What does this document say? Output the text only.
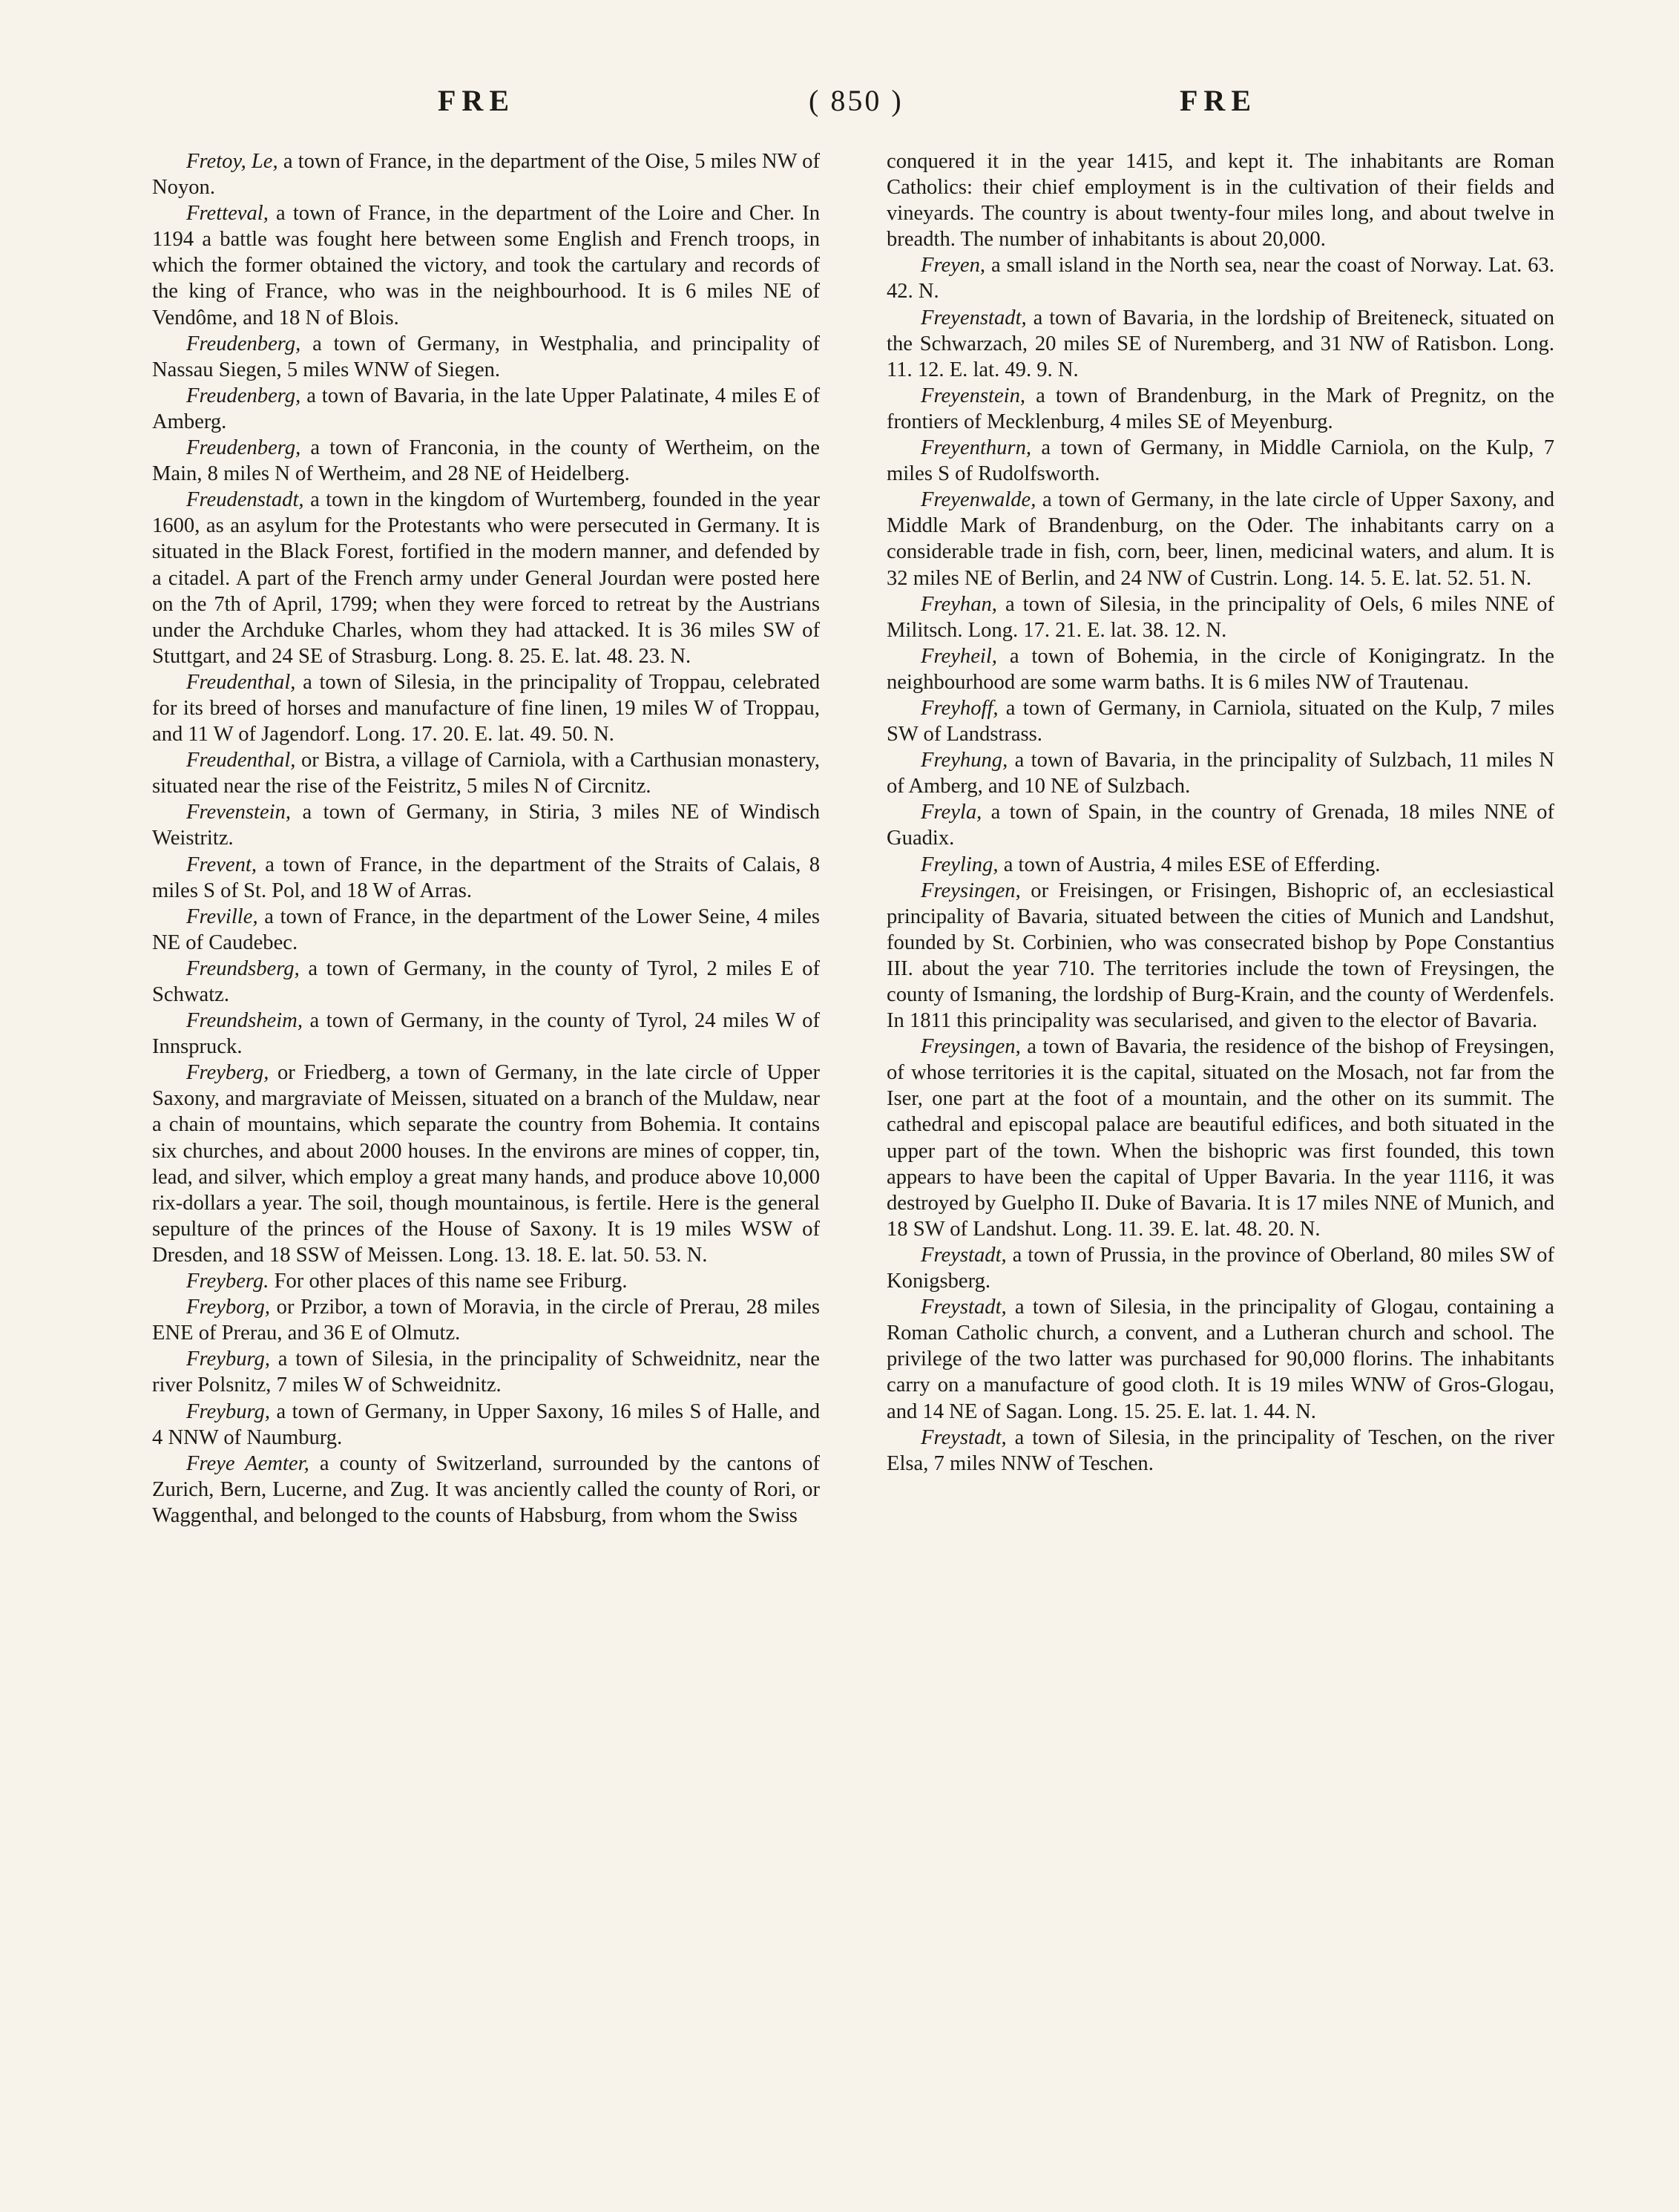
FRE	( 850 )	FRE

Fretoy, Le, a town of France, in the department of the Oise, 5 miles NW of Noyon.

Fretteval, a town of France, in the department of the Loire and Cher. In 1194 a battle was fought here between some English and French troops, in which the former obtained the victory, and took the cartulary and records of the king of France, who was in the neighbourhood. It is 6 miles NE of Vendôme, and 18 N of Blois.

Freudenberg, a town of Germany, in Westphalia, and principality of Nassau Siegen, 5 miles WNW of Siegen.

Freudenberg, a town of Bavaria, in the late Upper Palatinate, 4 miles E of Amberg.

Freudenberg, a town of Franconia, in the county of Wertheim, on the Main, 8 miles N of Wertheim, and 28 NE of Heidelberg.

Freudenstadt, a town in the kingdom of Wurtemberg, founded in the year 1600, as an asylum for the Protestants who were persecuted in Germany. It is situated in the Black Forest, fortified in the modern manner, and defended by a citadel. A part of the French army under General Jourdan were posted here on the 7th of April, 1799; when they were forced to retreat by the Austrians under the Archduke Charles, whom they had attacked. It is 36 miles SW of Stuttgart, and 24 SE of Strasburg. Long. 8. 25. E. lat. 48. 23. N.

Freudenthal, a town of Silesia, in the principality of Troppau, celebrated for its breed of horses and manufacture of fine linen, 19 miles W of Troppau, and 11 W of Jagendorf. Long. 17. 20. E. lat. 49. 50. N.

Freudenthal, or Bistra, a village of Carniola, with a Carthusian monastery, situated near the rise of the Feistritz, 5 miles N of Circnitz.

Frevenstein, a town of Germany, in Stiria, 3 miles NE of Windisch Weistritz.

Frevent, a town of France, in the department of the Straits of Calais, 8 miles S of St. Pol, and 18 W of Arras.

Freville, a town of France, in the department of the Lower Seine, 4 miles NE of Caudebec.

Freundsberg, a town of Germany, in the county of Tyrol, 2 miles E of Schwatz.

Freundsheim, a town of Germany, in the county of Tyrol, 24 miles W of Innspruck.

Freyberg, or Friedberg, a town of Germany, in the late circle of Upper Saxony, and margraviate of Meissen, situated on a branch of the Muldaw, near a chain of mountains, which separate the country from Bohemia. It contains six churches, and about 2000 houses. In the environs are mines of copper, tin, lead, and silver, which employ a great many hands, and produce above 10,000 rix-dollars a year. The soil, though mountainous, is fertile. Here is the general sepulture of the princes of the House of Saxony. It is 19 miles WSW of Dresden, and 18 SSW of Meissen. Long. 13. 18. E. lat. 50. 53. N.

Freyberg. For other places of this name see Friburg.

Freyborg, or Przibor, a town of Moravia, in the circle of Prerau, 28 miles ENE of Prerau, and 36 E of Olmutz.

Freyburg, a town of Silesia, in the principality of Schweidnitz, near the river Polsnitz, 7 miles W of Schweidnitz.

Freyburg, a town of Germany, in Upper Saxony, 16 miles S of Halle, and 4 NNW of Naumburg.

Freye Aemter, a county of Switzerland, surrounded by the cantons of Zurich, Bern, Lucerne, and Zug. It was anciently called the county of Rori, or Waggenthal, and belonged to the counts of Habsburg, from whom the Swiss

conquered it in the year 1415, and kept it. The inhabitants are Roman Catholics: their chief employment is in the cultivation of their fields and vineyards. The country is about twenty-four miles long, and about twelve in breadth. The number of inhabitants is about 20,000.

Freyen, a small island in the North sea, near the coast of Norway. Lat. 63. 42. N.

Freyenstadt, a town of Bavaria, in the lordship of Breiteneck, situated on the Schwarzach, 20 miles SE of Nuremberg, and 31 NW of Ratisbon. Long. 11. 12. E. lat. 49. 9. N.

Freyenstein, a town of Brandenburg, in the Mark of Pregnitz, on the frontiers of Mecklenburg, 4 miles SE of Meyenburg.

Freyenthurn, a town of Germany, in Middle Carniola, on the Kulp, 7 miles S of Rudolfsworth.

Freyenwalde, a town of Germany, in the late circle of Upper Saxony, and Middle Mark of Brandenburg, on the Oder. The inhabitants carry on a considerable trade in fish, corn, beer, linen, medicinal waters, and alum. It is 32 miles NE of Berlin, and 24 NW of Custrin. Long. 14. 5. E. lat. 52. 51. N.

Freyhan, a town of Silesia, in the principality of Oels, 6 miles NNE of Militsch. Long. 17. 21. E. lat. 38. 12. N.

Freyheil, a town of Bohemia, in the circle of Konigingratz. In the neighbourhood are some warm baths. It is 6 miles NW of Trautenau.

Freyhoff, a town of Germany, in Carniola, situated on the Kulp, 7 miles SW of Landstrass.

Freyhung, a town of Bavaria, in the principality of Sulzbach, 11 miles N of Amberg, and 10 NE of Sulzbach.

Freyla, a town of Spain, in the country of Grenada, 18 miles NNE of Guadix.

Freyling, a town of Austria, 4 miles ESE of Efferding.

Freysingen, or Freisingen, or Frisingen, Bishopric of, an ecclesiastical principality of Bavaria, situated between the cities of Munich and Landshut, founded by St. Corbinien, who was consecrated bishop by Pope Constantius III. about the year 710. The territories include the town of Freysingen, the county of Ismaning, the lordship of Burg-Krain, and the county of Werdenfels. In 1811 this principality was secularised, and given to the elector of Bavaria.

Freysingen, a town of Bavaria, the residence of the bishop of Freysingen, of whose territories it is the capital, situated on the Mosach, not far from the Iser, one part at the foot of a mountain, and the other on its summit. The cathedral and episcopal palace are beautiful edifices, and both situated in the upper part of the town. When the bishopric was first founded, this town appears to have been the capital of Upper Bavaria. In the year 1116, it was destroyed by Guelpho II. Duke of Bavaria. It is 17 miles NNE of Munich, and 18 SW of Landshut. Long. 11. 39. E. lat. 48. 20. N.

Freystadt, a town of Prussia, in the province of Oberland, 80 miles SW of Konigsberg.

Freystadt, a town of Silesia, in the principality of Glogau, containing a Roman Catholic church, a convent, and a Lutheran church and school. The privilege of the two latter was purchased for 90,000 florins. The inhabitants carry on a manufacture of good cloth. It is 19 miles WNW of Gros-Glogau, and 14 NE of Sagan. Long. 15. 25. E. lat. 1. 44. N.

Freystadt, a town of Silesia, in the principality of Teschen, on the river Elsa, 7 miles NNW of Teschen.
